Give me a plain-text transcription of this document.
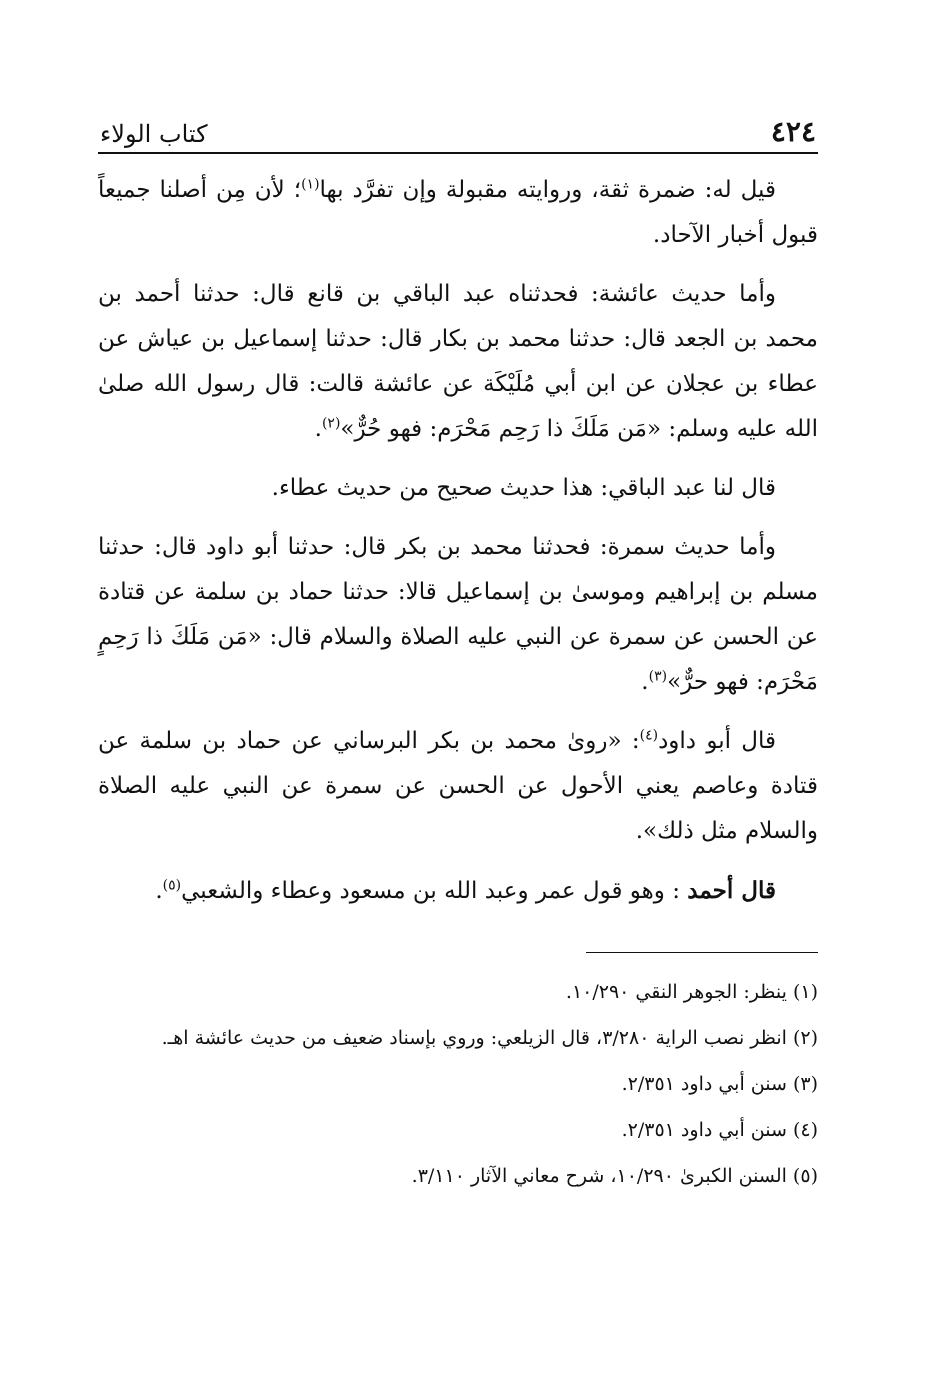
٤٢٤
كتاب الولاء

قيل له: ضمرة ثقة، وروايته مقبولة وإن تفرَّد بها$^{(١)}$؛ لأن مِن أصلنا جميعاً قبول أخبار الآحاد.

وأما حديث عائشة: فحدثناه عبد الباقي بن قانع قال: حدثنا أحمد بن محمد بن الجعد قال: حدثنا محمد بن بكار قال: حدثنا إسماعيل بن عياش عن عطاء بن عجلان عن ابن أبي مُلَيْكَة عن عائشة قالت: قال رسول الله صلىٰ الله عليه وسلم: «مَن مَلَكَ ذا رَحِم مَحْرَم: فهو حُرٌّ»$^{(٢)}$.

قال لنا عبد الباقي: هذا حديث صحيح من حديث عطاء.

وأما حديث سمرة: فحدثنا محمد بن بكر قال: حدثنا أبو داود قال: حدثنا مسلم بن إبراهيم وموسىٰ بن إسماعيل قالا: حدثنا حماد بن سلمة عن قتادة عن الحسن عن سمرة عن النبي عليه الصلاة والسلام قال: «مَن مَلَكَ ذا رَحِمٍ مَحْرَم: فهو حرٌّ»$^{(٣)}$.

قال أبو داود$^{(٤)}$: «روىٰ محمد بن بكر البرساني عن حماد بن سلمة عن قتادة وعاصم يعني الأحول عن الحسن عن سمرة عن النبي عليه الصلاة والسلام مثل ذلك».

قال أحمد : وهو قول عمر وعبد الله بن مسعود وعطاء والشعبي$^{(٥)}$.

(١) ينظر: الجوهر النقي ١٠/٢٩٠.

(٢) انظر نصب الراية ٣/٢٨٠، قال الزيلعي: وروي بإسناد ضعيف من حديث عائشة اهـ.

(٣) سنن أبي داود ٢/٣٥١.

(٤) سنن أبي داود ٢/٣٥١.

(٥) السنن الكبرىٰ ١٠/٢٩٠، شرح معاني الآثار ٣/١١٠.
